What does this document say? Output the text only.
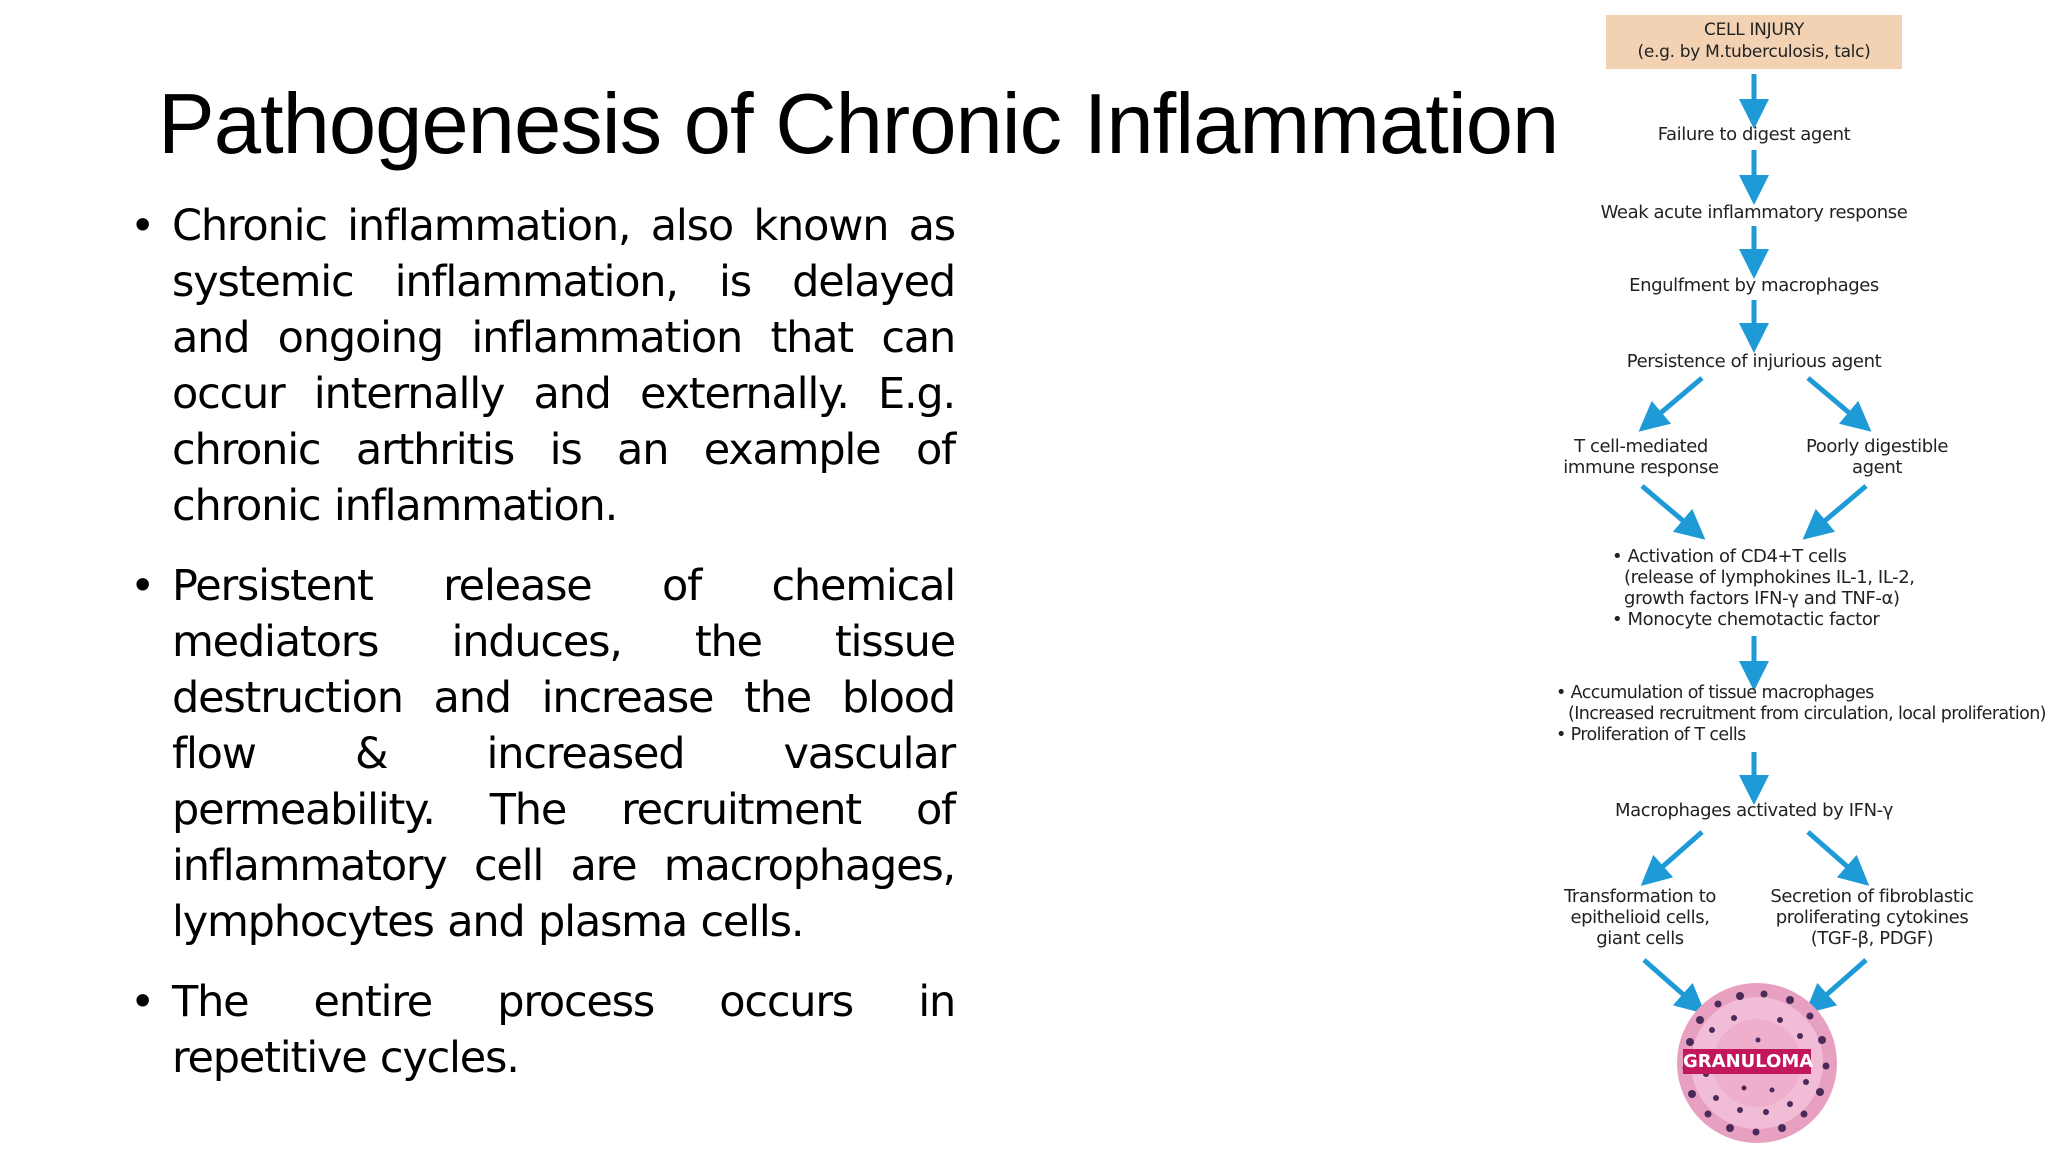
Pathogenesis of Chronic Inflammation
• Chronic inflammation, also known as systemic inflammation, is delayed and ongoing inflammation that can occur internally and externally. E.g. chronic arthritis is an example of chronic inflammation.
• Persistent release of chemical mediators induces, the tissue destruction and increase the blood flow & increased vascular permeability. The recruitment of inflammatory cell are macrophages, lymphocytes and plasma cells.
• The entire process occurs in repetitive cycles.
CELL INJURY
(e.g. by M.tuberculosis, talc)
Failure to digest agent
Weak acute inflammatory response
Engulfment by macrophages
Persistence of injurious agent
T cell-mediated
immune response
Poorly digestible
agent
• Activation of CD4+T cells
(release of lymphokines IL-1, IL-2,
growth factors IFN-γ and TNF-α)
• Monocyte chemotactic factor
• Accumulation of tissue macrophages
(Increased recruitment from circulation, local proliferation)
• Proliferation of T cells
Macrophages activated by IFN-γ
Transformation to
epithelioid cells,
giant cells
Secretion of fibroblastic
proliferating cytokines
(TGF-β, PDGF)
GRANULOMA
